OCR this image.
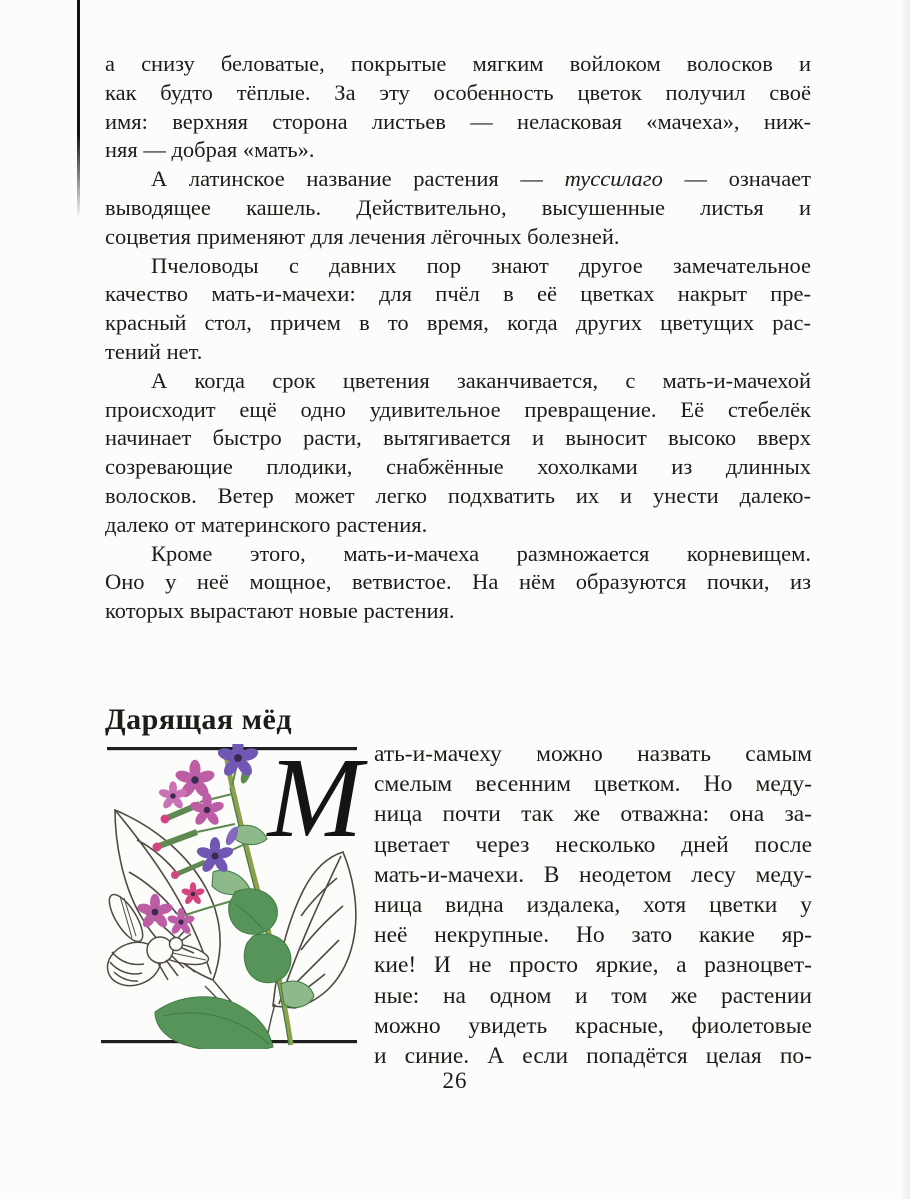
а снизу беловатые, покрытые мягким войлоком волосков и
как будто тёплые. За эту особенность цветок получил своё
имя: верхняя сторона листьев — неласковая «мачеха», ниж-
няя — добрая «мать».
А латинское название растения — туссилаго — означает
выводящее кашель. Действительно, высушенные листья и
соцветия применяют для лечения лёгочных болезней.
Пчеловоды с давних пор знают другое замечательное
качество мать-и-мачехи: для пчёл в её цветках накрыт пре-
красный стол, причем в то время, когда других цветущих рас-
тений нет.
А когда срок цветения заканчивается, с мать-и-мачехой
происходит ещё одно удивительное превращение. Её стебелёк
начинает быстро расти, вытягивается и выносит высоко вверх
созревающие плодики, снабжённые хохолками из длинных
волосков. Ветер может легко подхватить их и унести далеко-
далеко от материнского растения.
Кроме этого, мать-и-мачеха размножается корневищем.
Оно у неё мощное, ветвистое. На нём образуются почки, из
которых вырастают новые растения.
Дарящая мёд
М ать-и-мачеху можно назвать самым
смелым весенним цветком. Но меду-
ница почти так же отважна: она за-
цветает через несколько дней после
мать-и-мачехи. В неодетом лесу меду-
ница видна издалека, хотя цветки у
неё некрупные. Но зато какие яр-
кие! И не просто яркие, а разноцвет-
ные: на одном и том же растении
можно увидеть красные, фиолетовые
и синие. А если попадётся целая по-
26
